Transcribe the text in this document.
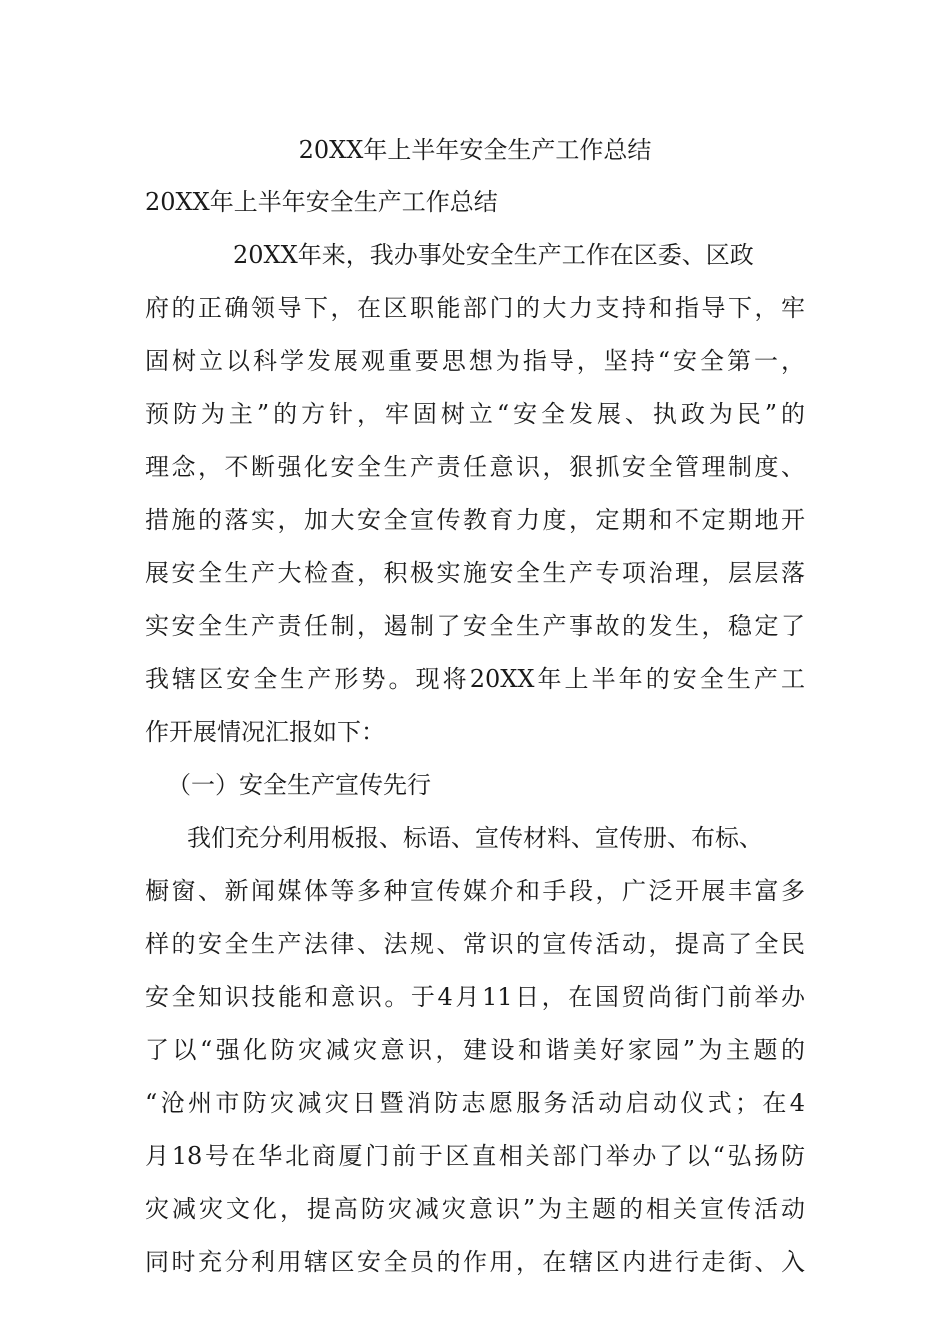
20XX年上半年安全生产工作总结
20XX年上半年安全生产工作总结
20XX年来，我办事处安全生产工作在区委、区政
府的正确领导下，在区职能部门的大力支持和指导下，牢
固树立以科学发展观重要思想为指导，坚持“安全第一，
预防为主”的方针，牢固树立“安全发展、执政为民”的
理念，不断强化安全生产责任意识，狠抓安全管理制度、
措施的落实，加大安全宣传教育力度，定期和不定期地开
展安全生产大检查，积极实施安全生产专项治理，层层落
实安全生产责任制，遏制了安全生产事故的发生，稳定了
我辖区安全生产形势。现将20XX年上半年的安全生产工
作开展情况汇报如下：
（一）安全生产宣传先行
我们充分利用板报、标语、宣传材料、宣传册、布标、
橱窗、新闻媒体等多种宣传媒介和手段，广泛开展丰富多
样的安全生产法律、法规、常识的宣传活动，提高了全民
安全知识技能和意识。于4月11日，在国贸尚街门前举办
了以“强化防灾减灾意识，建设和谐美好家园”为主题的
“沧州市防灾减灾日暨消防志愿服务活动启动仪式；在4
月18号在华北商厦门前于区直相关部门举办了以“弘扬防
灾减灾文化，提高防灾减灾意识”为主题的相关宣传活动
同时充分利用辖区安全员的作用，在辖区内进行走街、入
